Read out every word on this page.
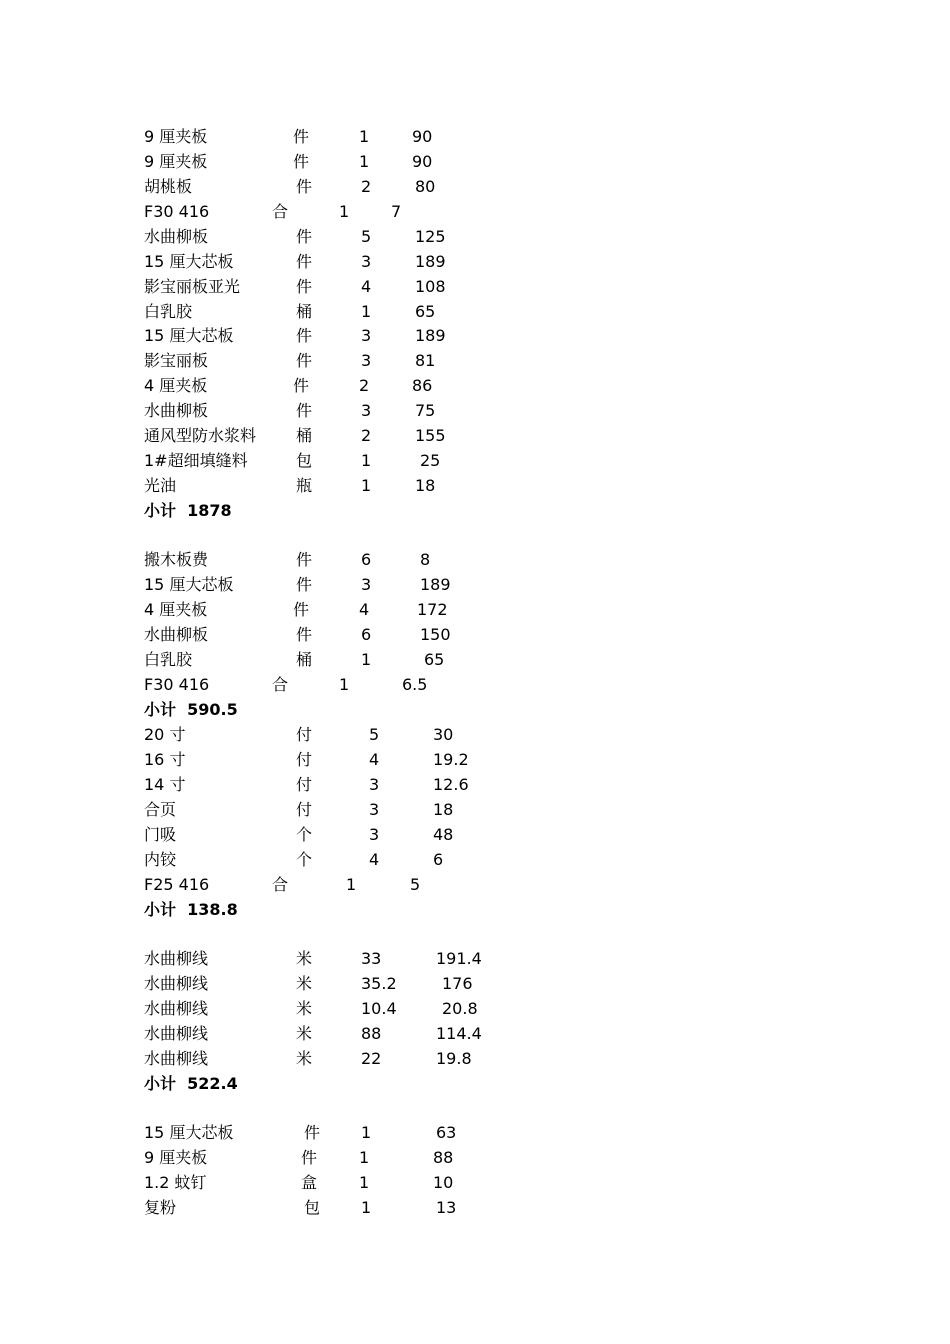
9 厘夹板	件	1	90
9 厘夹板	件	1	90
胡桃板	件	2	80
F30 416	合	1	7
水曲柳板	件	5	125
15 厘大芯板	件	3	189
影宝丽板亚光	件	4	108
白乳胶	桶	1	65
15 厘大芯板	件	3	189
影宝丽板	件	3	81
4 厘夹板	件	2	86
水曲柳板	件	3	75
通风型防水浆料 桶	2	155
1#超细填缝料	包	1	25
光油	瓶	1	18
小计  1878
搬木板费	件	6	8
15 厘大芯板	件	3	189
4 厘夹板	件	4	172
水曲柳板	件	6	150
白乳胶	桶	1	65
F30 416	合	1	6.5
小计  590.5
20 寸	付	5	30
16 寸	付	4	19.2
14 寸	付	3	12.6
合页	付	3	18
门吸	个	3	48
内铰	个	4	6
F25 416	合	1	5
小计  138.8
水曲柳线	米	33	191.4
水曲柳线	米	35.2	176
水曲柳线	米	10.4	20.8
水曲柳线	米	88	114.4
水曲柳线	米	22	19.8
小计  522.4
15 厘大芯板	件	1	63
9 厘夹板	件	1	88
1.2 蚊钉	盒	1	10
复粉	包	1	13
